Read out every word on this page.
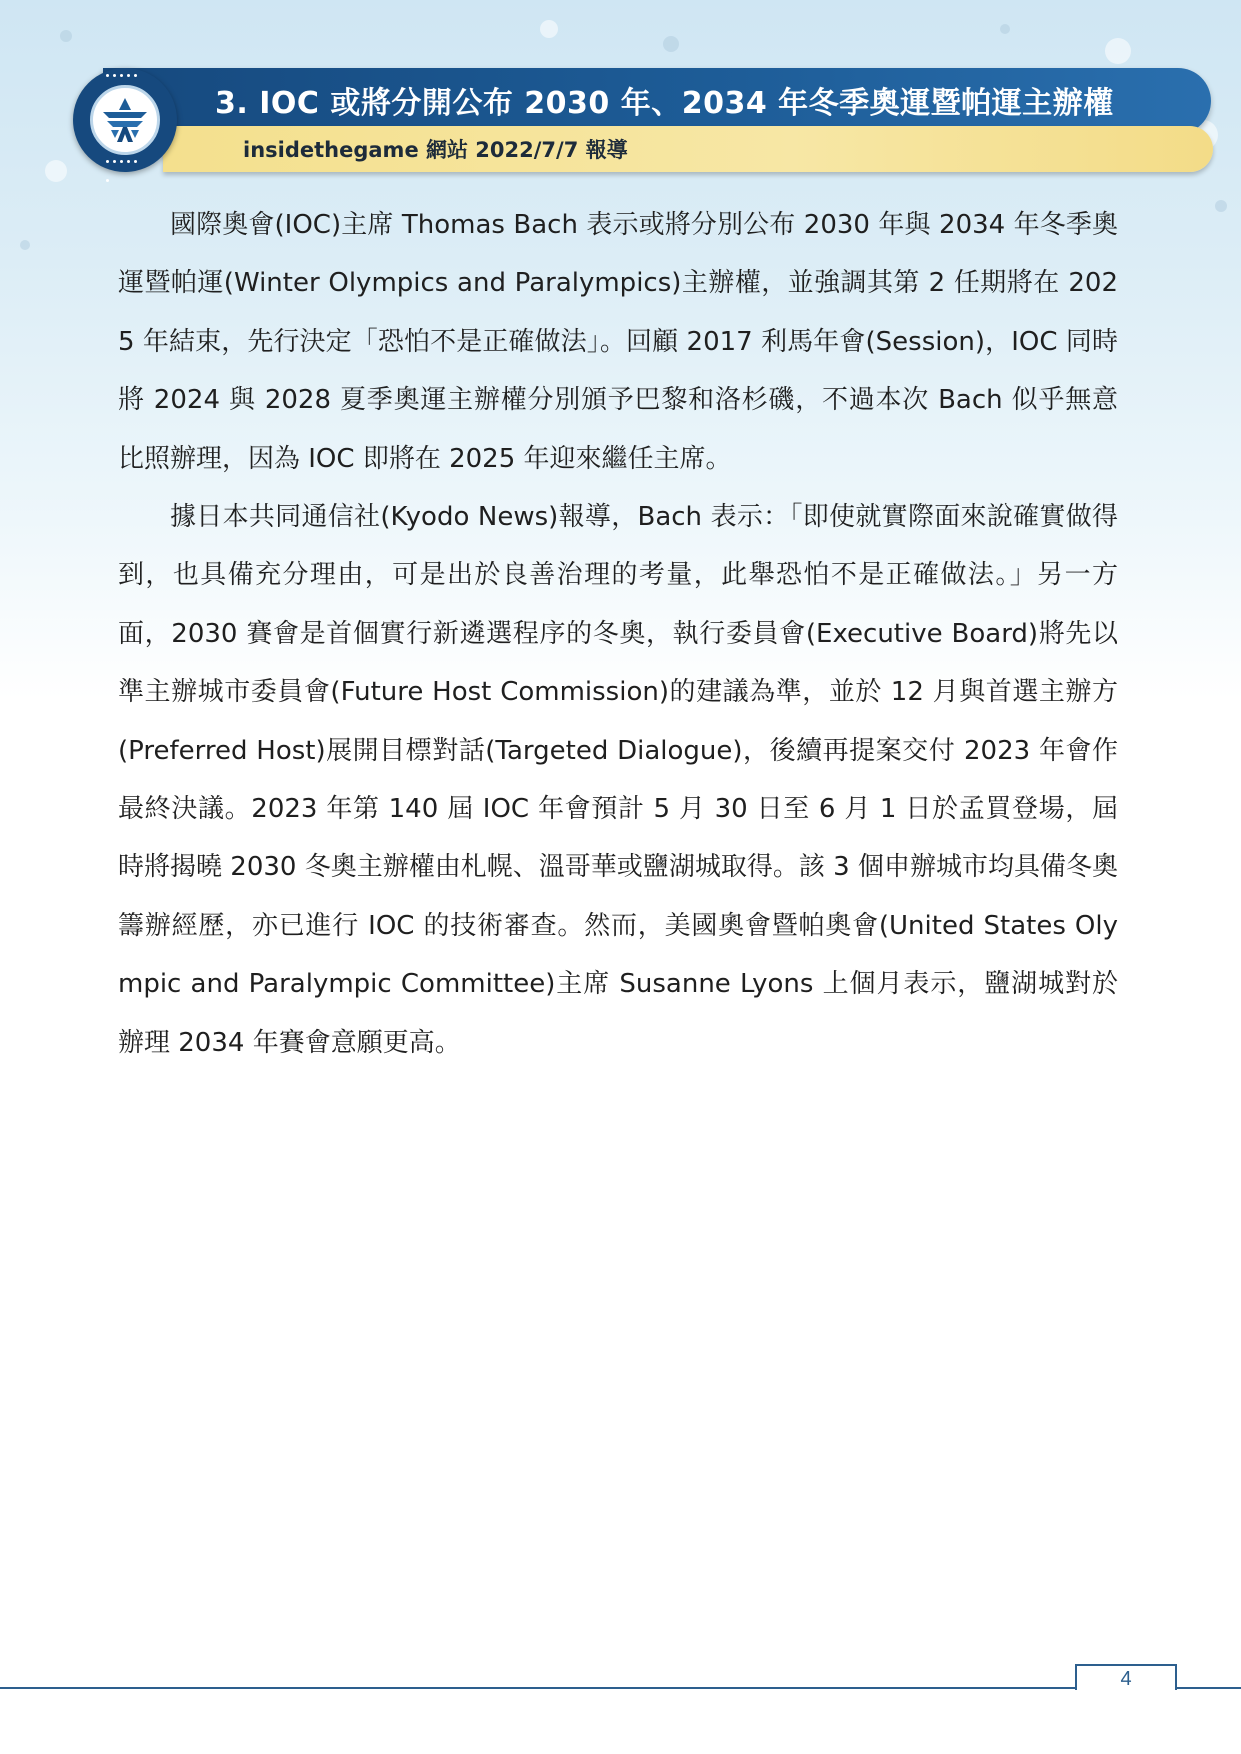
3. IOC 或將分開公布 2030 年、2034 年冬季奧運暨帕運主辦權
insidethegame 網站 2022/7/7 報導

國際奧會(IOC)主席 Thomas Bach 表示或將分別公布 2030 年與 2034 年冬季奧運暨帕運(Winter Olympics and Paralympics)主辦權，並強調其第 2 任期將在 2025 年結束，先行決定「恐怕不是正確做法」。回顧 2017 利馬年會(Session)，IOC 同時將 2024 與 2028 夏季奧運主辦權分別頒予巴黎和洛杉磯，不過本次 Bach 似乎無意比照辦理，因為 IOC 即將在 2025 年迎來繼任主席。

據日本共同通信社(Kyodo News)報導，Bach 表示：「即使就實際面來說確實做得到，也具備充分理由，可是出於良善治理的考量，此舉恐怕不是正確做法。」另一方面，2030 賽會是首個實行新遴選程序的冬奧，執行委員會(Executive Board)將先以準主辦城市委員會(Future Host Commission)的建議為準，並於 12 月與首選主辦方(Preferred Host)展開目標對話(Targeted Dialogue)，後續再提案交付 2023 年會作最終決議。2023 年第 140 屆 IOC 年會預計 5 月 30 日至 6 月 1 日於孟買登場，屆時將揭曉 2030 冬奧主辦權由札幌、溫哥華或鹽湖城取得。該 3 個申辦城市均具備冬奧籌辦經歷，亦已進行 IOC 的技術審查。然而，美國奧會暨帕奧會(United States Olympic and Paralympic Committee)主席 Susanne Lyons 上個月表示，鹽湖城對於辦理 2034 年賽會意願更高。

4
